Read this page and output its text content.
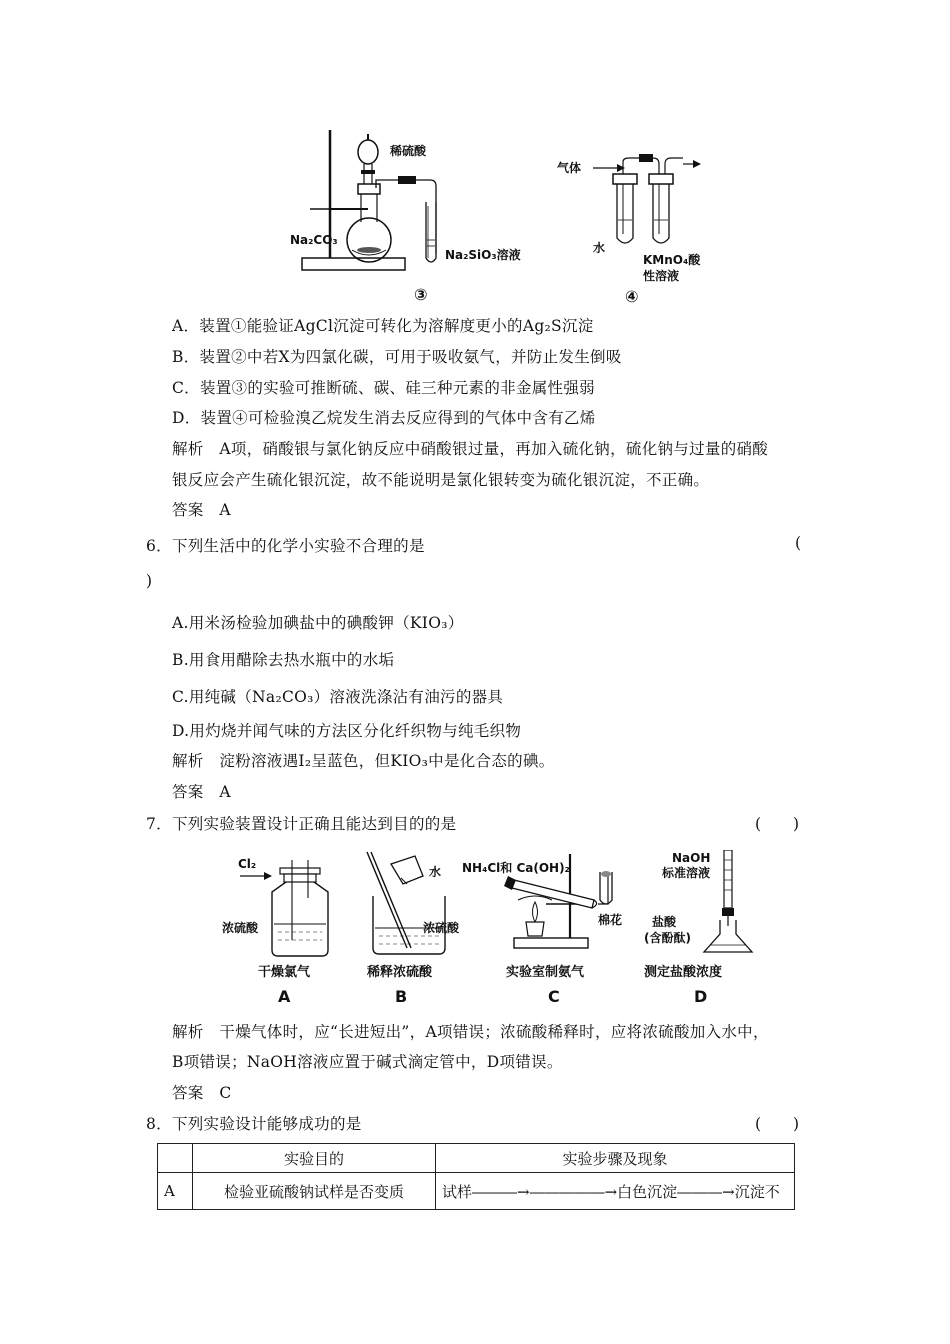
稀硫酸
Na₂CO₃
Na₂SiO₃溶液
③
气体
水
KMnO₄酸
性溶液
④
A．装置①能验证AgCl沉淀可转化为溶解度更小的Ag₂S沉淀
B．装置②中若X为四氯化碳，可用于吸收氨气，并防止发生倒吸
C．装置③的实验可推断硫、碳、硅三种元素的非金属性强弱
D．装置④可检验溴乙烷发生消去反应得到的气体中含有乙烯
解析　A项，硝酸银与氯化钠反应中硝酸银过量，再加入硫化钠，硫化钠与过量的硝酸
银反应会产生硫化银沉淀，故不能说明是氯化银转变为硫化银沉淀，不正确。
答案　A
6．下列生活中的化学小实验不合理的是	(
)
A.用米汤检验加碘盐中的碘酸钾（KIO₃）
B.用食用醋除去热水瓶中的水垢
C.用纯碱（Na₂CO₃）溶液洗涤沾有油污的器具
D.用灼烧并闻气味的方法区分化纤织物与纯毛织物
解析　淀粉溶液遇I₂呈蓝色，但KIO₃中是化合态的碘。
答案　A
7．下列实验装置设计正确且能达到目的的是	(　　)
Cl₂
浓硫酸
干燥氯气
A
水
浓硫酸
稀释浓硫酸
B
NH₄Cl和 Ca(OH)₂
棉花
实验室制氨气
C
NaOH
标准溶液
盐酸
(含酚酞)
测定盐酸浓度
D
解析　干燥气体时，应“长进短出”，A项错误；浓硫酸稀释时，应将浓硫酸加入水中，
B项错误；NaOH溶液应置于碱式滴定管中，D项错误。
答案　C
8．下列实验设计能够成功的是	(　　)
	实验目的	实验步骤及现象
A	检验亚硫酸钠试样是否变质	试样―――→―――――→白色沉淀―――→沉淀不
